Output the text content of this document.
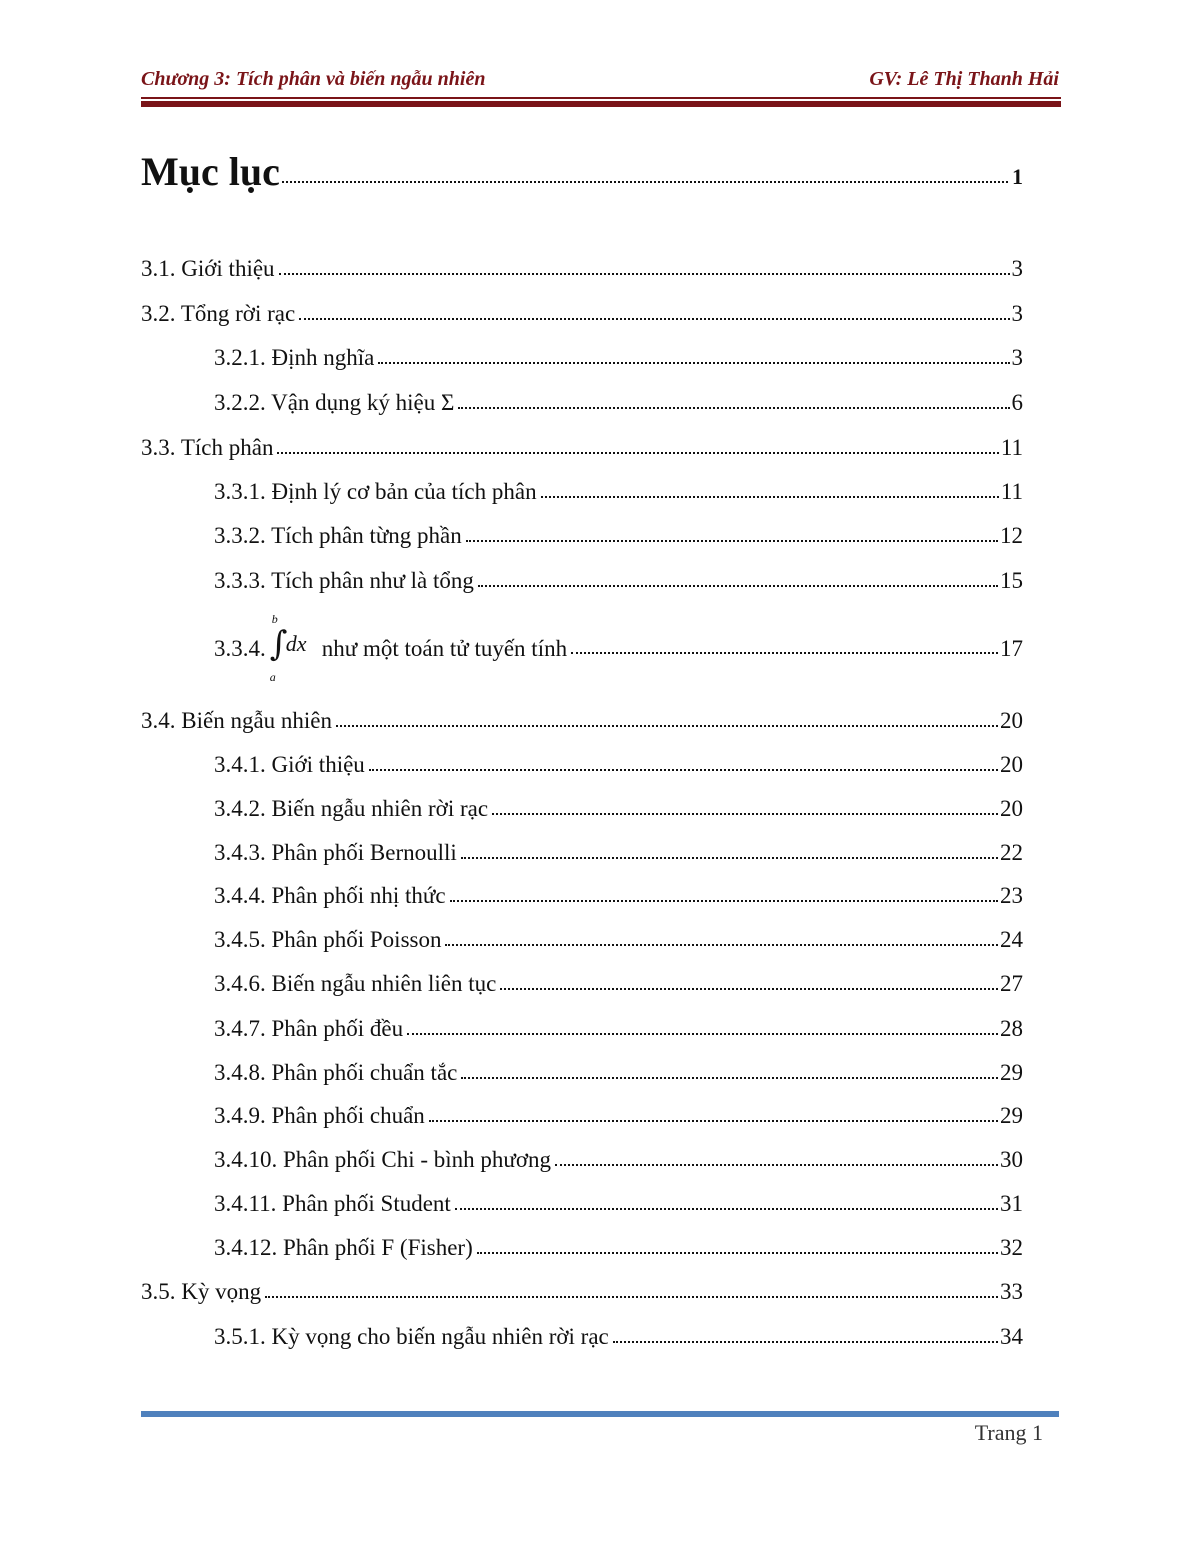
Chương 3: Tích phân và biến ngẫu nhiên	GV: Lê Thị Thanh Hải
Mục lục	1
3.1. Giới thiệu	3
3.2. Tổng rời rạc	3
3.2.1. Định nghĩa	3
3.2.2. Vận dụng ký hiệu Σ	6
3.3. Tích phân	11
3.3.1. Định lý cơ bản của tích phân	11
3.3.2. Tích phân từng phần	12
3.3.3. Tích phân như là tổng	15
3.3.4.
b
∫
dx
a
như một toán tử tuyến tính	17
3.4. Biến ngẫu nhiên	20
3.4.1. Giới thiệu	20
3.4.2. Biến ngẫu nhiên rời rạc	20
3.4.3. Phân phối Bernoulli	22
3.4.4. Phân phối nhị thức	23
3.4.5. Phân phối Poisson	24
3.4.6. Biến ngẫu nhiên liên tục	27
3.4.7. Phân phối đều	28
3.4.8. Phân phối chuẩn tắc	29
3.4.9. Phân phối chuẩn	29
3.4.10. Phân phối Chi - bình phương	30
3.4.11. Phân phối Student	31
3.4.12. Phân phối F (Fisher)	32
3.5. Kỳ vọng	33
3.5.1. Kỳ vọng cho biến ngẫu nhiên rời rạc	34
Trang 1
